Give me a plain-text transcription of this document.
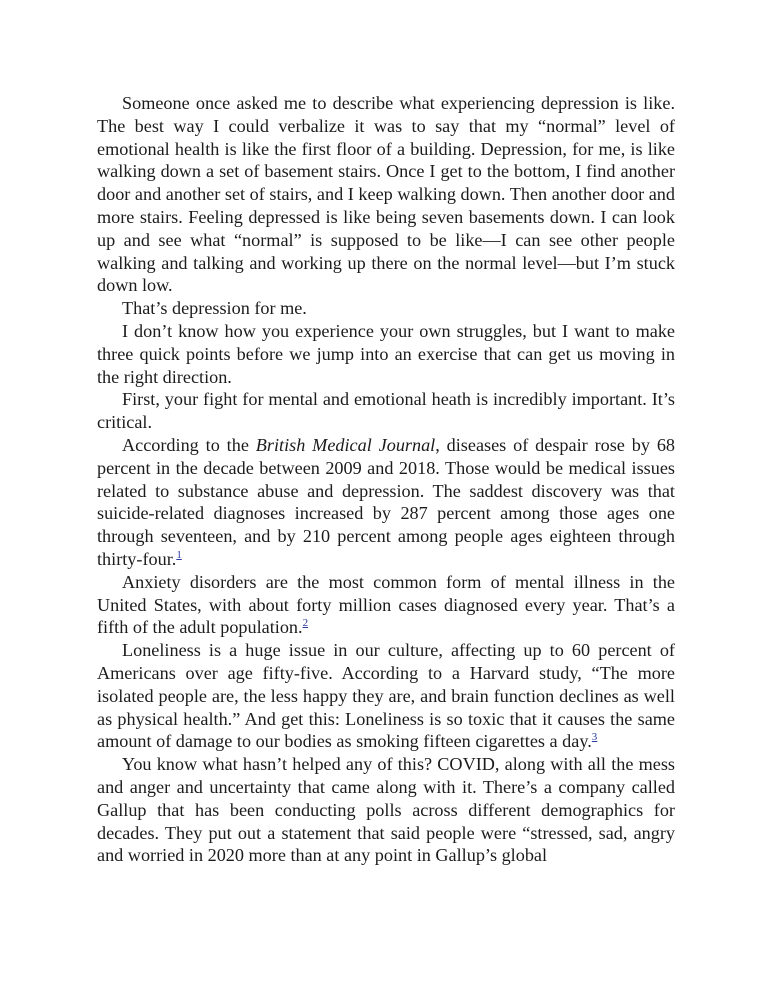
Someone once asked me to describe what experiencing depression is like. The best way I could verbalize it was to say that my “normal” level of emotional health is like the first floor of a building. Depression, for me, is like walking down a set of basement stairs. Once I get to the bottom, I find another door and another set of stairs, and I keep walking down. Then another door and more stairs. Feeling depressed is like being seven basements down. I can look up and see what “normal” is supposed to be like—I can see other people walking and talking and working up there on the normal level—but I’m stuck down low.

That’s depression for me.

I don’t know how you experience your own struggles, but I want to make three quick points before we jump into an exercise that can get us moving in the right direction.

First, your fight for mental and emotional heath is incredibly important. It’s critical.

According to the British Medical Journal, diseases of despair rose by 68 percent in the decade between 2009 and 2018. Those would be medical issues related to substance abuse and depression. The saddest discovery was that suicide-related diagnoses increased by 287 percent among those ages one through seventeen, and by 210 percent among people ages eighteen through thirty-four.$^1$

Anxiety disorders are the most common form of mental illness in the United States, with about forty million cases diagnosed every year. That’s a fifth of the adult population.$^2$

Loneliness is a huge issue in our culture, affecting up to 60 percent of Americans over age fifty-five. According to a Harvard study, “The more isolated people are, the less happy they are, and brain function declines as well as physical health.” And get this: Loneliness is so toxic that it causes the same amount of damage to our bodies as smoking fifteen cigarettes a day.$^3$

You know what hasn’t helped any of this? COVID, along with all the mess and anger and uncertainty that came along with it. There’s a company called Gallup that has been conducting polls across different demographics for decades. They put out a statement that said people were “stressed, sad, angry and worried in 2020 more than at any point in Gallup’s global
